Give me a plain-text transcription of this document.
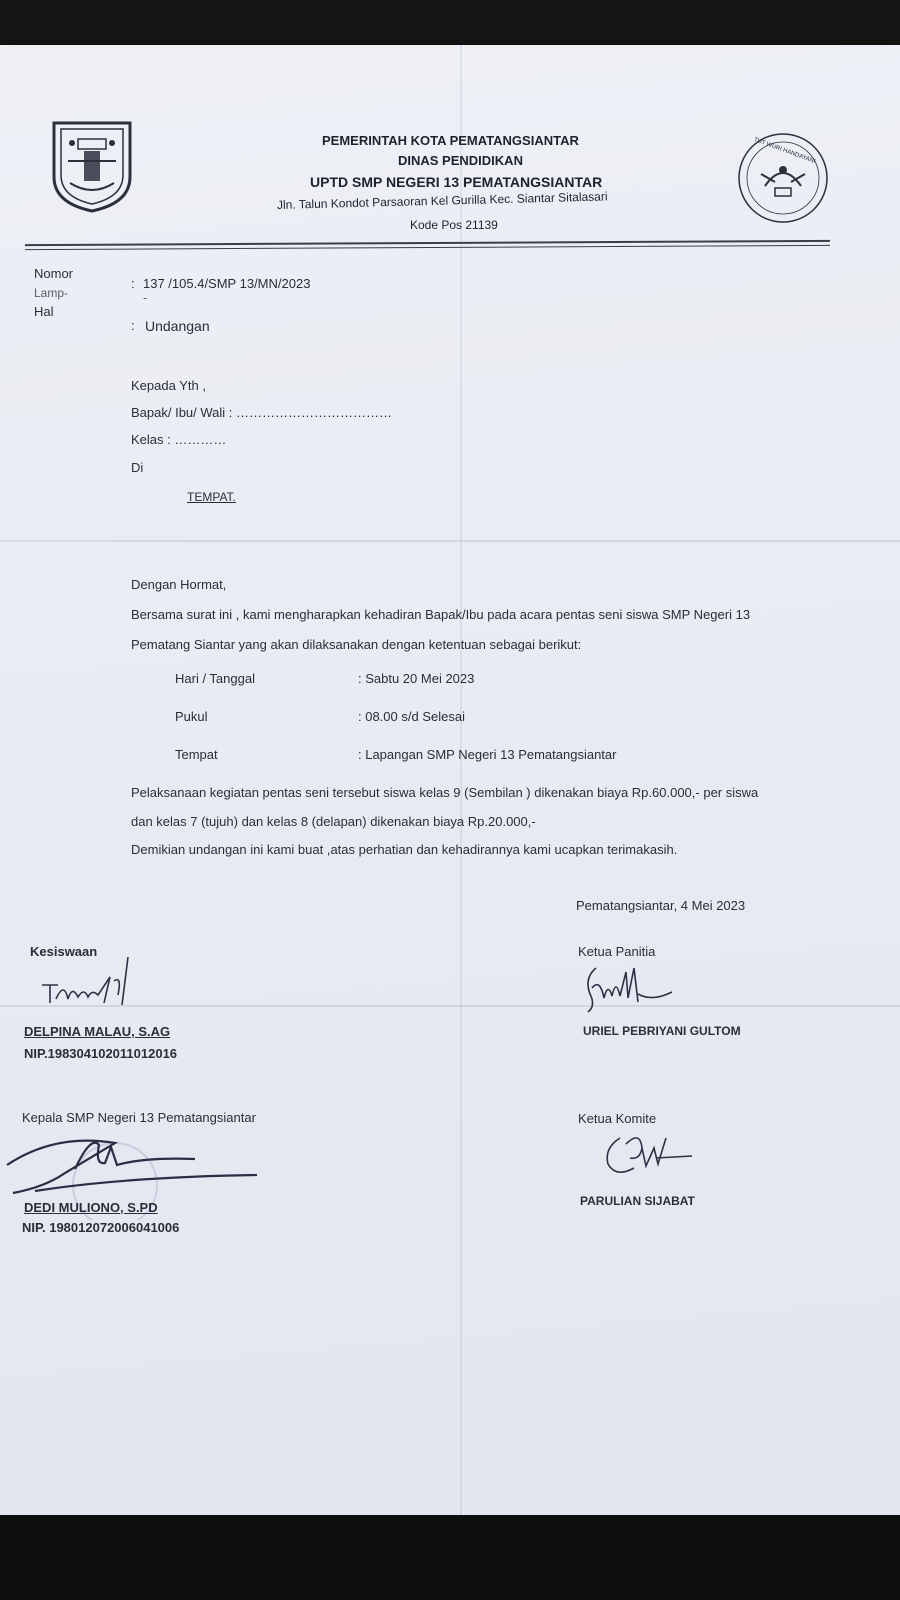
TUT WURI HANDAYANI
PEMERINTAH KOTA PEMATANGSIANTAR
DINAS PENDIDIKAN
UPTD SMP NEGERI 13 PEMATANGSIANTAR
Jln. Talun Kondot Parsaoran Kel Gurilla Kec. Siantar Sitalasari
Kode Pos 21139
Nomor
: 137 /105.4/SMP 13/MN/2023
Lamp-	-
Hal
: Undangan
Kepada Yth ,
Bapak/ Ibu/ Wali : ………………………………
Kelas : …………
Di
TEMPAT.
Dengan Hormat,
Bersama surat ini , kami mengharapkan kehadiran Bapak/Ibu pada acara pentas seni siswa SMP Negeri 13
Pematang Siantar yang akan dilaksanakan dengan ketentuan sebagai berikut:
Hari / Tanggal	: Sabtu 20 Mei 2023
Pukul	: 08.00 s/d Selesai
Tempat	: Lapangan SMP Negeri 13 Pematangsiantar
Pelaksanaan kegiatan pentas seni tersebut siswa kelas 9 (Sembilan ) dikenakan biaya Rp.60.000,- per siswa
dan kelas 7 (tujuh) dan kelas 8 (delapan) dikenakan biaya Rp.20.000,-
Demikian undangan ini kami buat ,atas perhatian dan kehadirannya kami ucapkan terimakasih.
Pematangsiantar, 4 Mei 2023
Kesiswaan
DELPINA MALAU, S.AG
NIP.198304102011012016
Ketua Panitia
URIEL PEBRIYANI GULTOM
Kepala SMP Negeri 13 Pematangsiantar
DEDI MULIONO, S.PD
NIP. 198012072006041006
Ketua Komite
PARULIAN SIJABAT
